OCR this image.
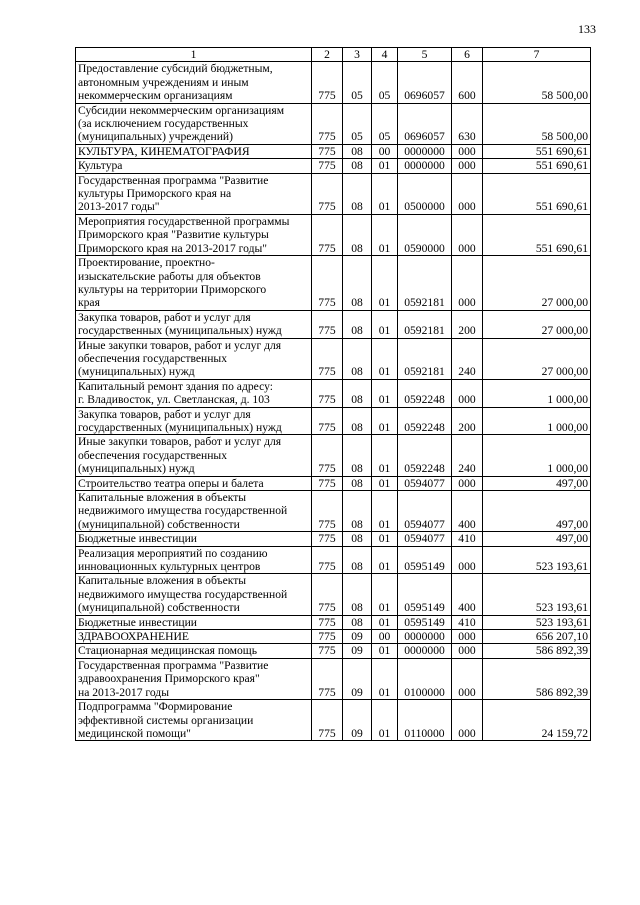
133
1	2	3	4	5	6	7
Предоставление субсидий бюджетным,
автономным учреждениям и иным
некоммерческим организациям	775	05	05	0696057	600	58 500,00
Субсидии некоммерческим организациям
(за исключением государственных
(муниципальных) учреждений)	775	05	05	0696057	630	58 500,00
КУЛЬТУРА, КИНЕМАТОГРАФИЯ	775	08	00	0000000	000	551 690,61
Культура	775	08	01	0000000	000	551 690,61
Государственная программа "Развитие
культуры Приморского края на
2013-2017 годы"	775	08	01	0500000	000	551 690,61
Мероприятия государственной программы
Приморского края "Развитие культуры
Приморского края на 2013-2017 годы"	775	08	01	0590000	000	551 690,61
Проектирование, проектно-
изыскательские работы для объектов
культуры на территории Приморского
края	775	08	01	0592181	000	27 000,00
Закупка товаров, работ и услуг для
государственных (муниципальных) нужд	775	08	01	0592181	200	27 000,00
Иные закупки товаров, работ и услуг для
обеспечения государственных
(муниципальных) нужд	775	08	01	0592181	240	27 000,00
Капитальный ремонт здания по адресу:
г. Владивосток, ул. Светланская, д. 103	775	08	01	0592248	000	1 000,00
Закупка товаров, работ и услуг для
государственных (муниципальных) нужд	775	08	01	0592248	200	1 000,00
Иные закупки товаров, работ и услуг для
обеспечения государственных
(муниципальных) нужд	775	08	01	0592248	240	1 000,00
Строительство театра оперы и балета	775	08	01	0594077	000	497,00
Капитальные вложения в объекты
недвижимого имущества государственной
(муниципальной) собственности	775	08	01	0594077	400	497,00
Бюджетные инвестиции	775	08	01	0594077	410	497,00
Реализация мероприятий по созданию
инновационных культурных центров	775	08	01	0595149	000	523 193,61
Капитальные вложения в объекты
недвижимого имущества государственной
(муниципальной) собственности	775	08	01	0595149	400	523 193,61
Бюджетные инвестиции	775	08	01	0595149	410	523 193,61
ЗДРАВООХРАНЕНИЕ	775	09	00	0000000	000	656 207,10
Стационарная медицинская помощь	775	09	01	0000000	000	586 892,39
Государственная программа "Развитие
здравоохранения Приморского края"
на 2013-2017 годы	775	09	01	0100000	000	586 892,39
Подпрограмма "Формирование
эффективной системы организации
медицинской помощи"	775	09	01	0110000	000	24 159,72
